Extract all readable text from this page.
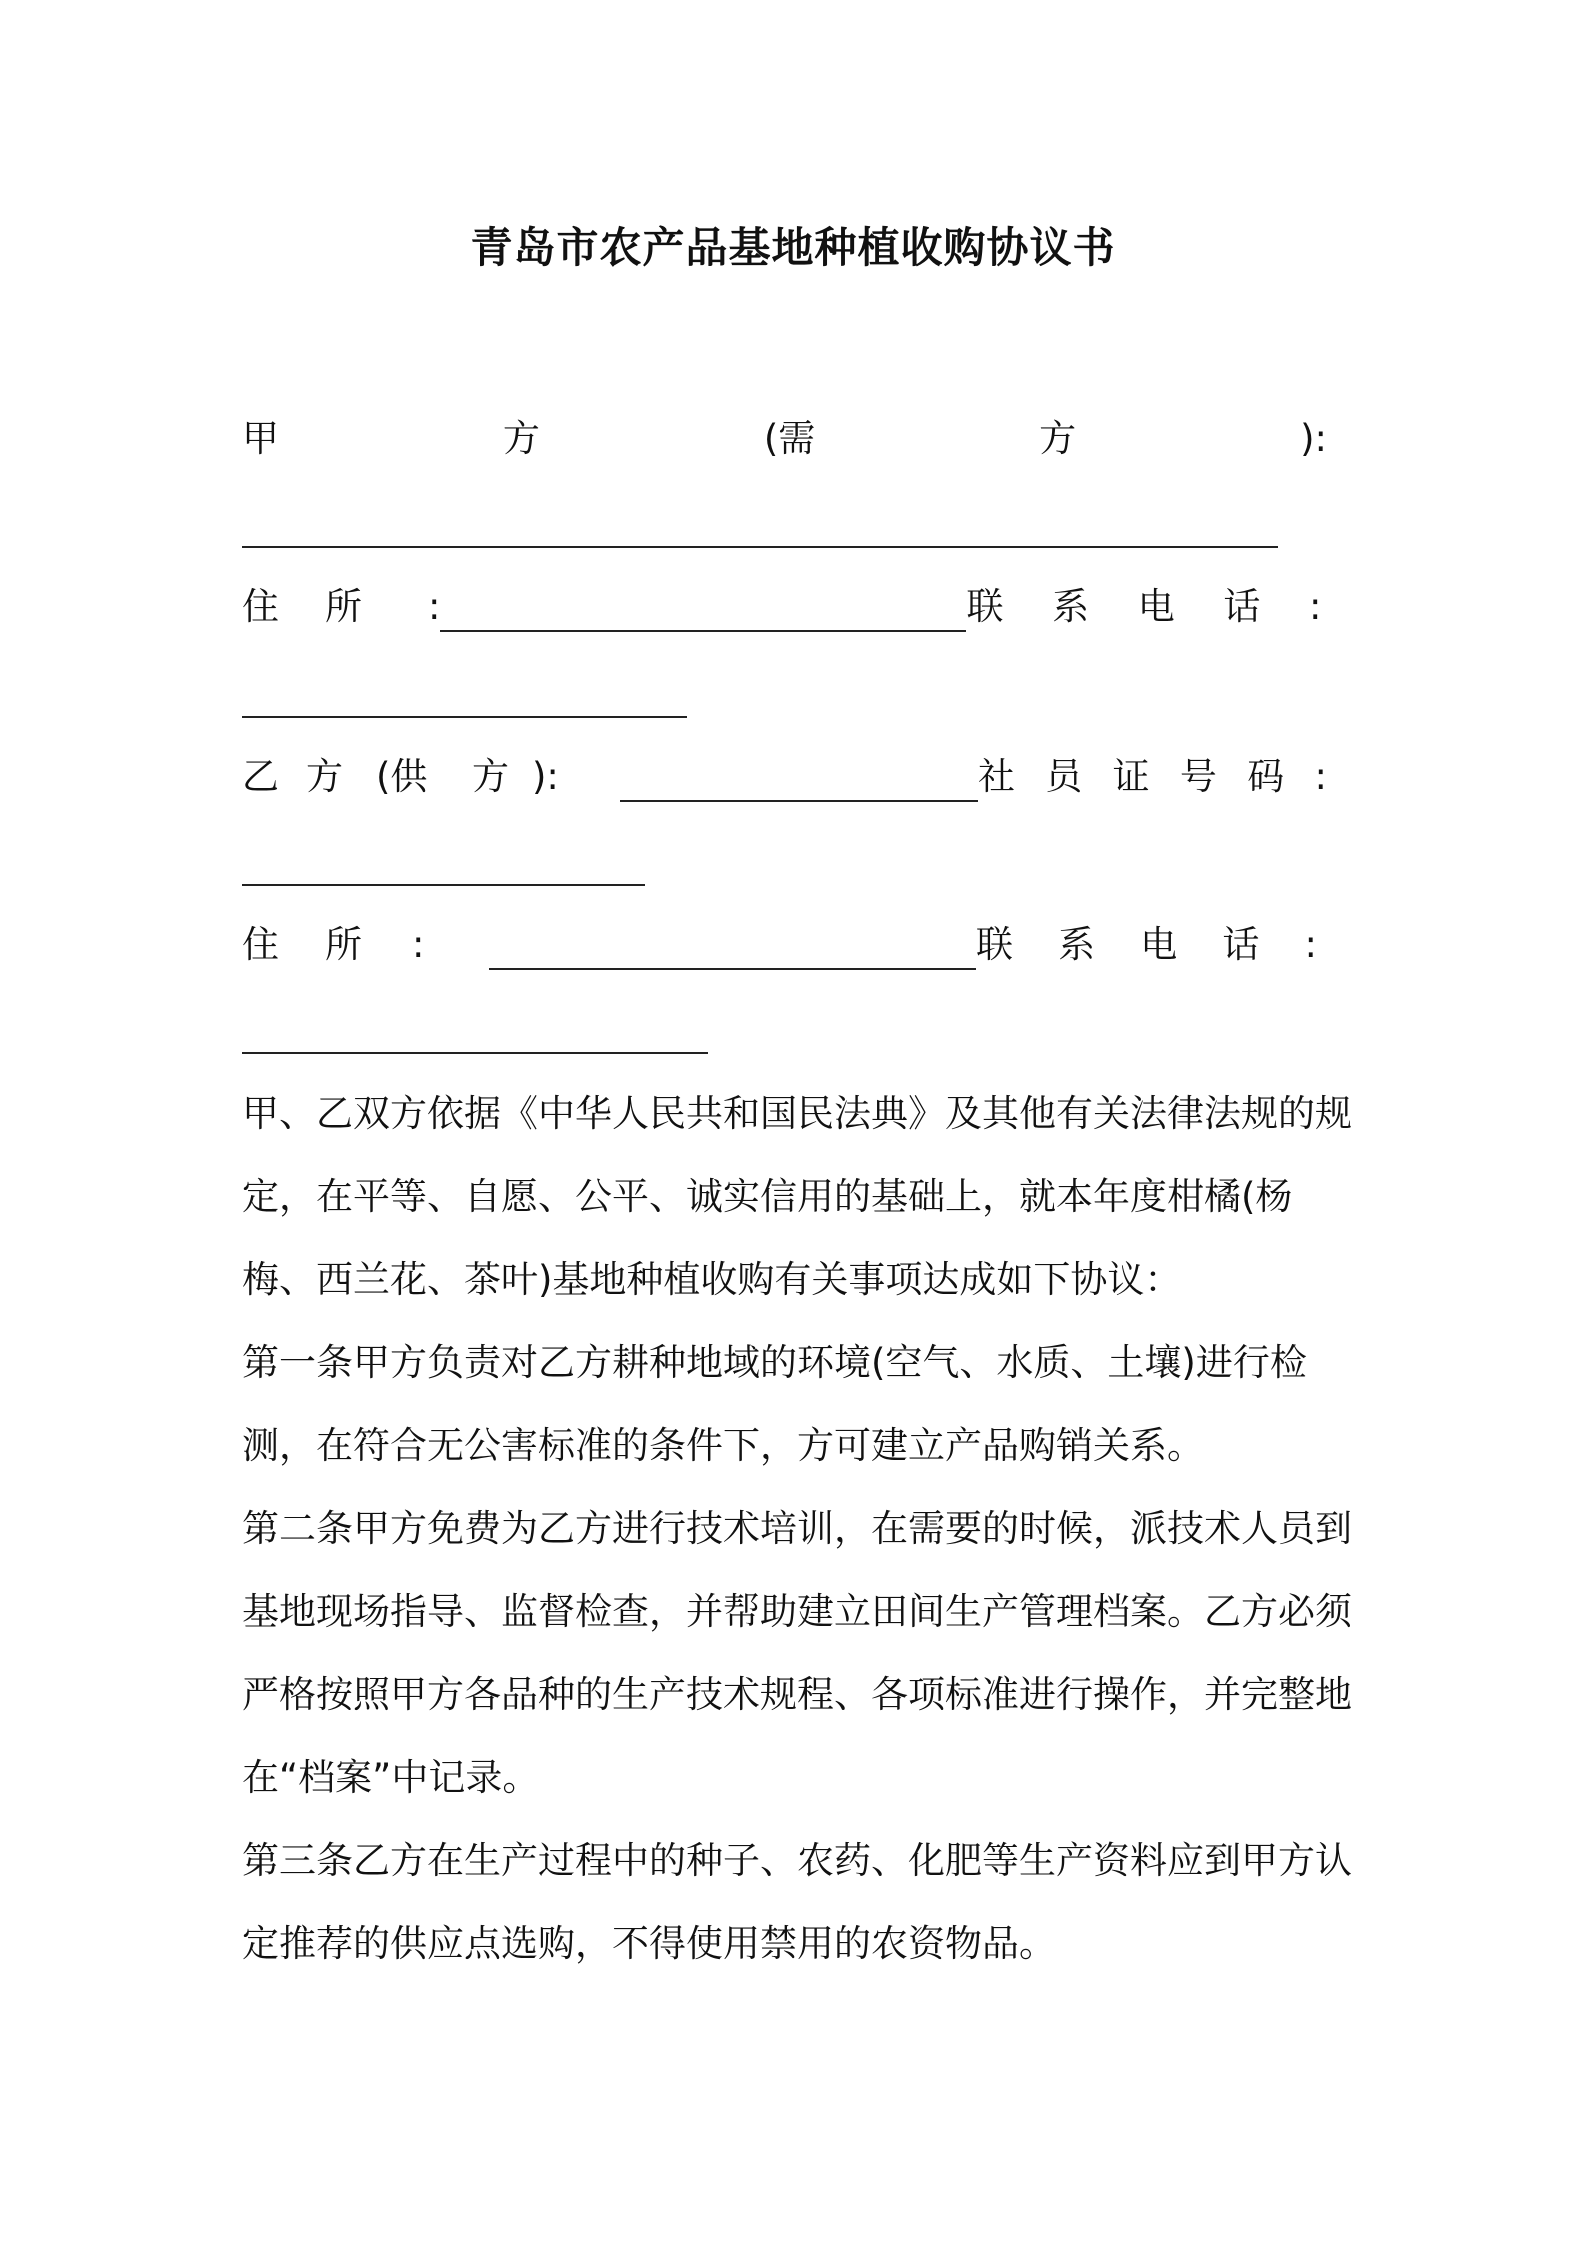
青岛市农产品基地种植收购协议书
甲	方	(需	方	):
住 所 :	联 系 电 话 :
乙 方 (供 方 ):	社 员 证 号 码 :
住 所 :	联 系 电 话 :

甲、乙双方依据《中华人民共和国民法典》及其他有关法律法规的规定，在平等、自愿、公平、诚实信用的基础上，就本年度柑橘(杨梅、西兰花、茶叶)基地种植收购有关事项达成如下协议：

第一条甲方负责对乙方耕种地域的环境(空气、水质、土壤)进行检测，在符合无公害标准的条件下，方可建立产品购销关系。

第二条甲方免费为乙方进行技术培训，在需要的时候，派技术人员到基地现场指导、监督检查，并帮助建立田间生产管理档案。乙方必须严格按照甲方各品种的生产技术规程、各项标准进行操作，并完整地在“档案”中记录。

第三条乙方在生产过程中的种子、农药、化肥等生产资料应到甲方认定推荐的供应点选购，不得使用禁用的农资物品。
